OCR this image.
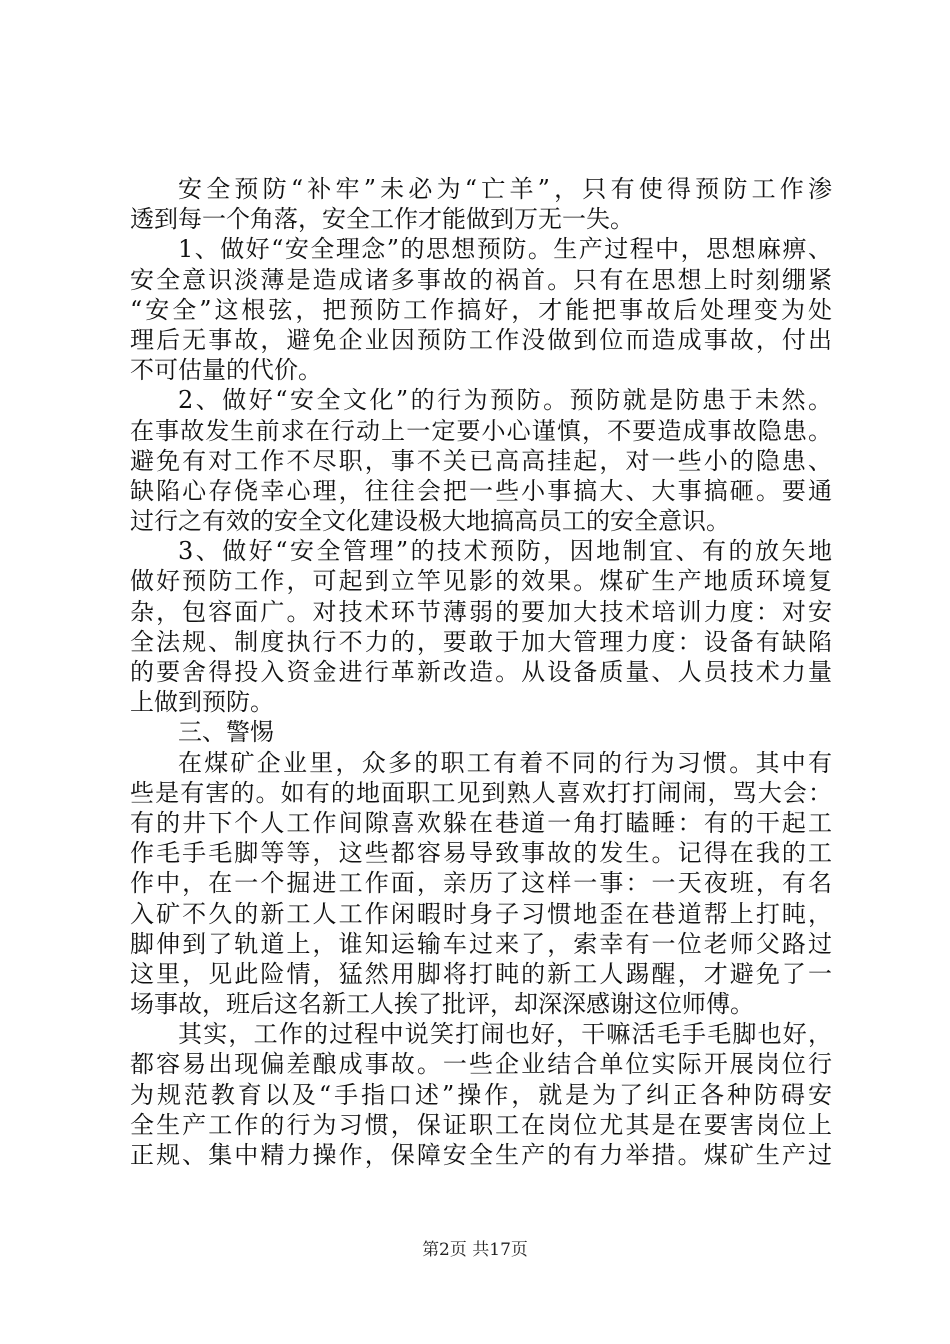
安全预防“补牢”未必为“亡羊”，只有使得预防工作渗
透到每一个角落，安全工作才能做到万无一失。
1、做好“安全理念”的思想预防。生产过程中，思想麻痹、
安全意识淡薄是造成诸多事故的祸首。只有在思想上时刻绷紧
“安全”这根弦，把预防工作搞好，才能把事故后处理变为处
理后无事故，避免企业因预防工作没做到位而造成事故，付出
不可估量的代价。
2、做好“安全文化”的行为预防。预防就是防患于未然。
在事故发生前求在行动上一定要小心谨慎，不要造成事故隐患。
避免有对工作不尽职，事不关已高高挂起，对一些小的隐患、
缺陷心存侥幸心理，往往会把一些小事搞大、大事搞砸。要通
过行之有效的安全文化建设极大地搞高员工的安全意识。
3、做好“安全管理”的技术预防，因地制宜、有的放矢地
做好预防工作，可起到立竿见影的效果。煤矿生产地质环境复
杂，包容面广。对技术环节薄弱的要加大技术培训力度：对安
全法规、制度执行不力的，要敢于加大管理力度：设备有缺陷
的要舍得投入资金进行革新改造。从设备质量、人员技术力量
上做到预防。
三、警惕
在煤矿企业里，众多的职工有着不同的行为习惯。其中有
些是有害的。如有的地面职工见到熟人喜欢打打闹闹，骂大会：
有的井下个人工作间隙喜欢躲在巷道一角打瞌睡：有的干起工
作毛手毛脚等等，这些都容易导致事故的发生。记得在我的工
作中，在一个掘进工作面，亲历了这样一事：一天夜班，有名
入矿不久的新工人工作闲暇时身子习惯地歪在巷道帮上打盹，
脚伸到了轨道上，谁知运输车过来了，索幸有一位老师父路过
这里，见此险情，猛然用脚将打盹的新工人踢醒，才避免了一
场事故，班后这名新工人挨了批评，却深深感谢这位师傅。
其实，工作的过程中说笑打闹也好，干嘛活毛手毛脚也好，
都容易出现偏差酿成事故。一些企业结合单位实际开展岗位行
为规范教育以及“手指口述”操作，就是为了纠正各种防碍安
全生产工作的行为习惯，保证职工在岗位尤其是在要害岗位上
正规、集中精力操作，保障安全生产的有力举措。煤矿生产过
第2页 共17页
